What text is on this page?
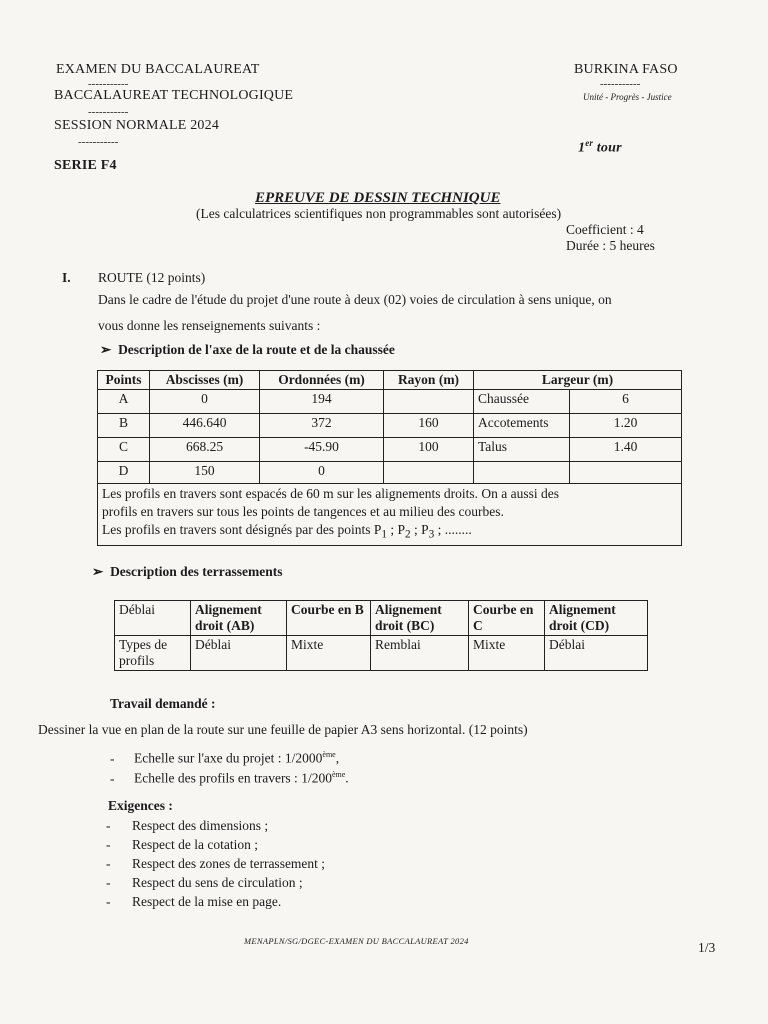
EXAMEN DU BACCALAUREAT
-----------
BACCALAUREAT TECHNOLOGIQUE
-----------
SESSION NORMALE 2024
-----------
SERIE F4
BURKINA FASO
-----------
Unité - Progrès - Justice
1er tour
EPREUVE DE DESSIN TECHNIQUE
(Les calculatrices scientifiques non programmables sont autorisées)
Coefficient : 4
Durée : 5 heures
I. ROUTE (12 points)
Dans le cadre de l'étude du projet d'une route à deux (02) voies de circulation à sens unique, on
vous donne les renseignements suivants :
➢ Description de l'axe de la route et de la chaussée
Points	Abscisses (m)	Ordonnées (m)	Rayon (m)	Largeur (m)	
A	0	194		Chaussée	6
B	446.640	372	160	Accotements	1.20
C	668.25	-45.90	100	Talus	1.40
D	150	0			

Les profils en travers sont espacés de 60 m sur les alignements droits. On a aussi des
profils en travers sur tous les points de tangences et au milieu des courbes.
Les profils en travers sont désignés par des points $P_1$ ; $P_2$ ; $P_3$ ; ........					
➢ Description des terrassements
Déblai	Alignement droit (AB)	Courbe en B	Alignement droit (BC)	Courbe en C	Alignement droit (CD)
Types de profils	Déblai	Mixte	Remblai	Mixte	Déblai
Travail demandé :
Dessiner la vue en plan de la route sur une feuille de papier A3 sens horizontal. (12 points)
- Echelle sur l'axe du projet : 1/2000ème,
- Echelle des profils en travers : 1/200ème.
Exigences :
- Respect des dimensions ;
- Respect de la cotation ;
- Respect des zones de terrassement ;
- Respect du sens de circulation ;
- Respect de la mise en page.
MENAPLN/SG/DGEC-EXAMEN DU BACCALAUREAT 2024	1/3
